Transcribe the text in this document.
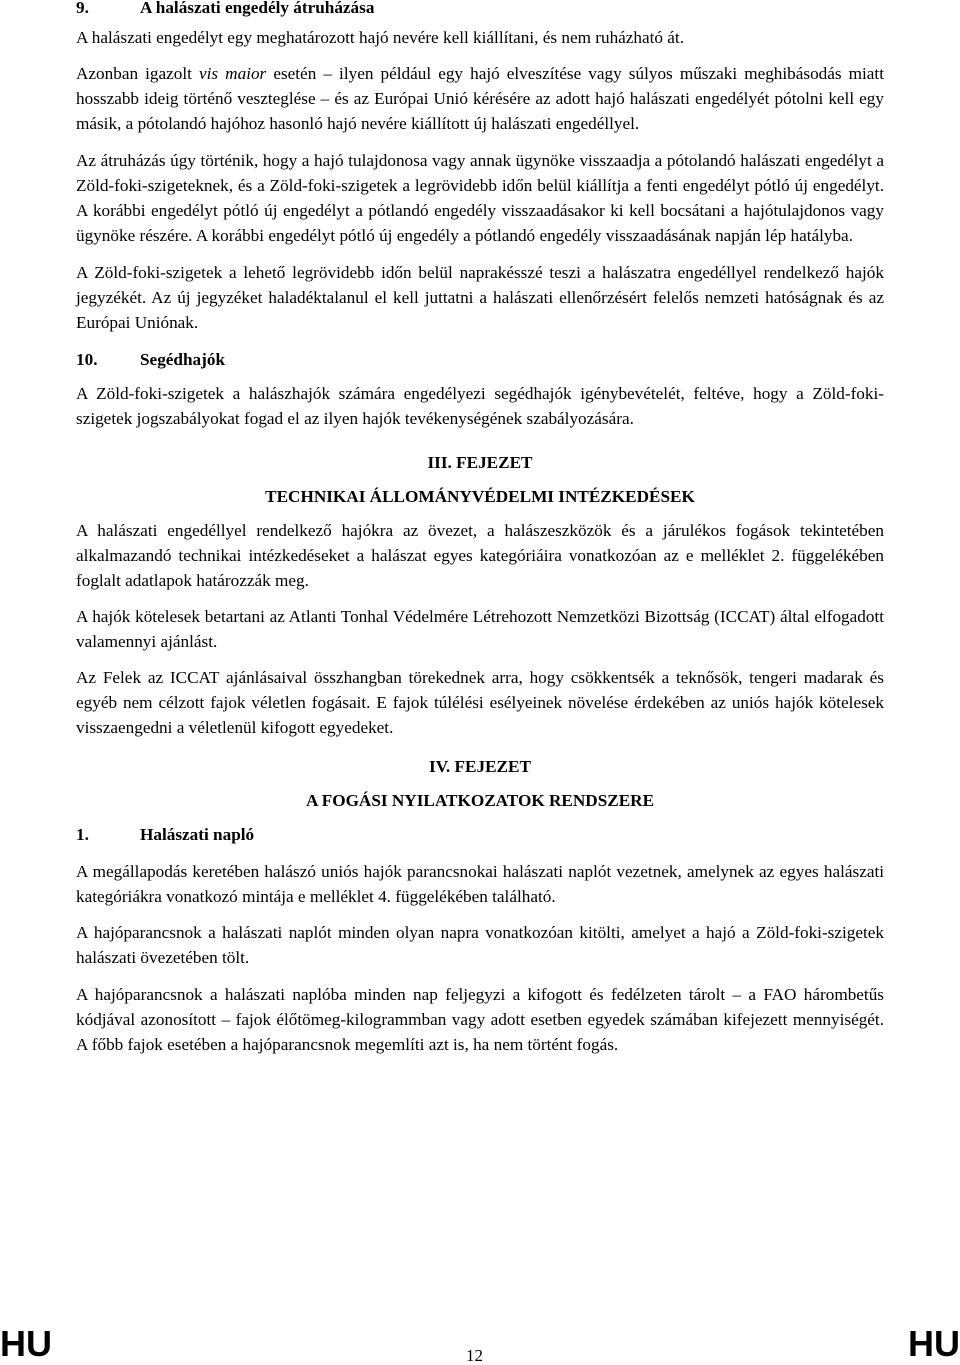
9.	A halászati engedély átruházása

A halászati engedélyt egy meghatározott hajó nevére kell kiállítani, és nem ruházható át.

Azonban igazolt vis maior esetén – ilyen például egy hajó elveszítése vagy súlyos műszaki meghibásodás miatt hosszabb ideig történő veszteglése – és az Európai Unió kérésére az adott hajó halászati engedélyét pótolni kell egy másik, a pótolandó hajóhoz hasonló hajó nevére kiállított új halászati engedéllyel.

Az átruházás úgy történik, hogy a hajó tulajdonosa vagy annak ügynöke visszaadja a pótolandó halászati engedélyt a Zöld-foki-szigeteknek, és a Zöld-foki-szigetek a legrövidebb időn belül kiállítja a fenti engedélyt pótló új engedélyt. A korábbi engedélyt pótló új engedélyt a pótlandó engedély visszaadásakor ki kell bocsátani a hajótulajdonos vagy ügynöke részére. A korábbi engedélyt pótló új engedély a pótlandó engedély visszaadásának napján lép hatályba.

A Zöld-foki-szigetek a lehető legrövidebb időn belül naprakésszé teszi a halászatra engedéllyel rendelkező hajók jegyzékét. Az új jegyzéket haladéktalanul el kell juttatni a halászati ellenőrzésért felelős nemzeti hatóságnak és az Európai Uniónak.

10.	Segédhajók

A Zöld-foki-szigetek a halászhajók számára engedélyezi segédhajók igénybevételét, feltéve, hogy a Zöld-foki-szigetek jogszabályokat fogad el az ilyen hajók tevékenységének szabályozására.

III. FEJEZET
TECHNIKAI ÁLLOMÁNYVÉDELMI INTÉZKEDÉSEK

A halászati engedéllyel rendelkező hajókra az övezet, a halászeszközök és a járulékos fogások tekintetében alkalmazandó technikai intézkedéseket a halászat egyes kategóriáira vonatkozóan az e melléklet 2. függelékében foglalt adatlapok határozzák meg.

A hajók kötelesek betartani az Atlanti Tonhal Védelmére Létrehozott Nemzetközi Bizottság (ICCAT) által elfogadott valamennyi ajánlást.

Az Felek az ICCAT ajánlásaival összhangban törekednek arra, hogy csökkentsék a teknősök, tengeri madarak és egyéb nem célzott fajok véletlen fogásait. E fajok túlélési esélyeinek növelése érdekében az uniós hajók kötelesek visszaengedni a véletlenül kifogott egyedeket.

IV. FEJEZET
A FOGÁSI NYILATKOZATOK RENDSZERE
1.	Halászati napló

A megállapodás keretében halászó uniós hajók parancsnokai halászati naplót vezetnek, amelynek az egyes halászati kategóriákra vonatkozó mintája e melléklet 4. függelékében található.

A hajóparancsnok a halászati naplót minden olyan napra vonatkozóan kitölti, amelyet a hajó a Zöld-foki-szigetek halászati övezetében tölt.

A hajóparancsnok a halászati naplóba minden nap feljegyzi a kifogott és fedélzeten tárolt – a FAO hárombetűs kódjával azonosított – fajok élőtömeg-kilogrammban vagy adott esetben egyedek számában kifejezett mennyiségét. A főbb fajok esetében a hajóparancsnok megemlíti azt is, ha nem történt fogás.

HU	12	HU
